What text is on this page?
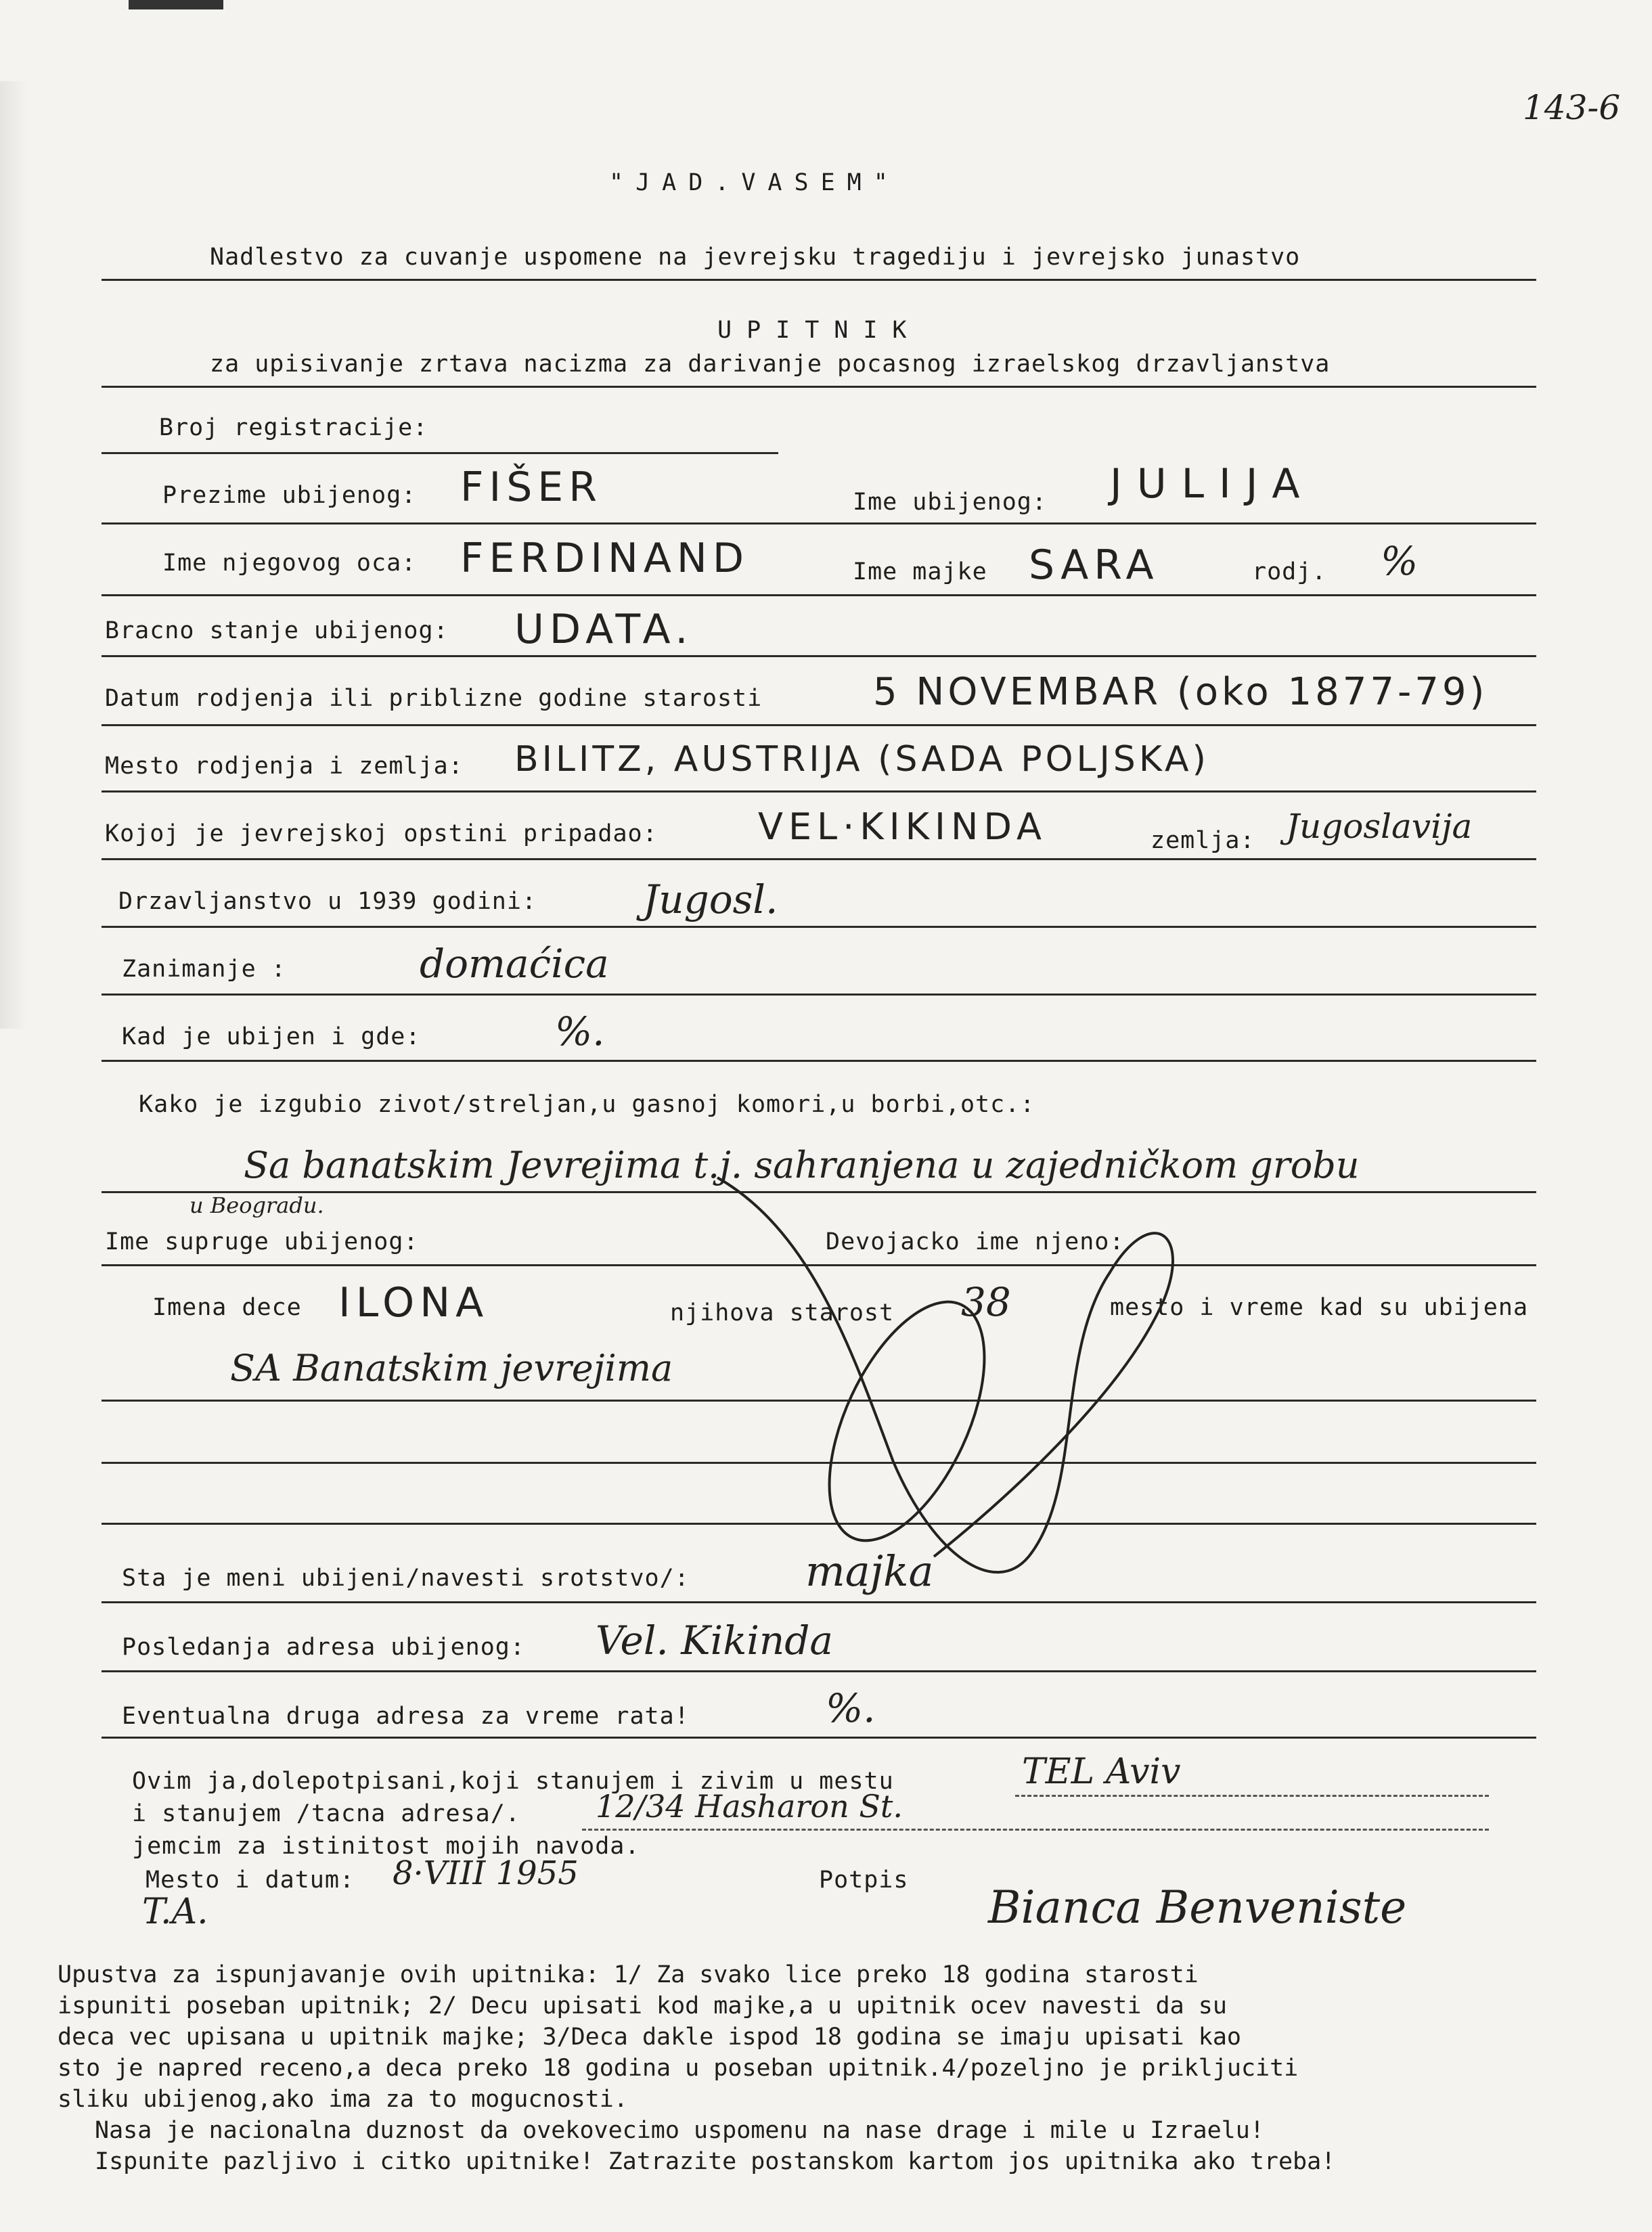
143-6
"JAD.VASEM"
Nadlestvo za cuvanje uspomene na jevrejsku tragediju i jevrejsko junastvo
UPITNIK
za upisivanje zrtava nacizma za darivanje pocasnog izraelskog drzavljanstva
Broj registracije:
Prezime ubijenog: FIŠER	Ime ubijenog: JULIJA
Ime njegovog oca: FERDINAND	Ime majke SARA	rodj. %
Bracno stanje ubijenog: UDATA.
Datum rodjenja ili priblizne godine starosti	5 NOVEMBAR (oko 1877-79)
Mesto rodjenja i zemlja: BILITZ, AUSTRIJA (SADA POLJSKA)
Kojoj je jevrejskoj opstini pripadao:	VEL·KIKINDA	zemlja: Jugoslavija
Drzavljanstvo u 1939 godini:	Jugosl.
Zanimanje :	domaćica
Kad je ubijen i gde:	%.
Kako je izgubio zivot/streljan,u gasnoj komori,u borbi,otc.:
Sa banatskim Jevrejima t.j. sahranjena u zajedničkom grobu
u Beogradu.
Ime supruge ubijenog:	Devojacko ime njeno:
Imena dece ILONA	njihova starost 38	mesto i vreme kad su ubijena
SA Banatskim jevrejima
Sta je meni ubijeni/navesti srotstvo/:	majka
Posledanja adresa ubijenog: Vel. Kikinda
Eventualna druga adresa za vreme rata!	%.
Ovim ja,dolepotpisani,koji stanujem i zivim u mestu	TEL Aviv
i stanujem /tacna adresa/. 12/34 Hasharon St.
jemcim za istinitost mojih navoda.
Mesto i datum: 8·VIII 1955	Potpis
T.A.	Bianca Benveniste
Upustva za ispunjavanje ovih upitnika: 1/ Za svako lice preko 18 godina starosti
ispuniti poseban upitnik; 2/ Decu upisati kod majke,a u upitnik ocev navesti da su
deca vec upisana u upitnik majke; 3/Deca dakle ispod 18 godina se imaju upisati kao
sto je napred receno,a deca preko 18 godina u poseban upitnik.4/pozeljno je prikljuciti
sliku ubijenog,ako ima za to mogucnosti.
Nasa je nacionalna duznost da ovekovecimo uspomenu na nase drage i mile u Izraelu!
Ispunite pazljivo i citko upitnike! Zatrazite postanskom kartom jos upitnika ako treba!
